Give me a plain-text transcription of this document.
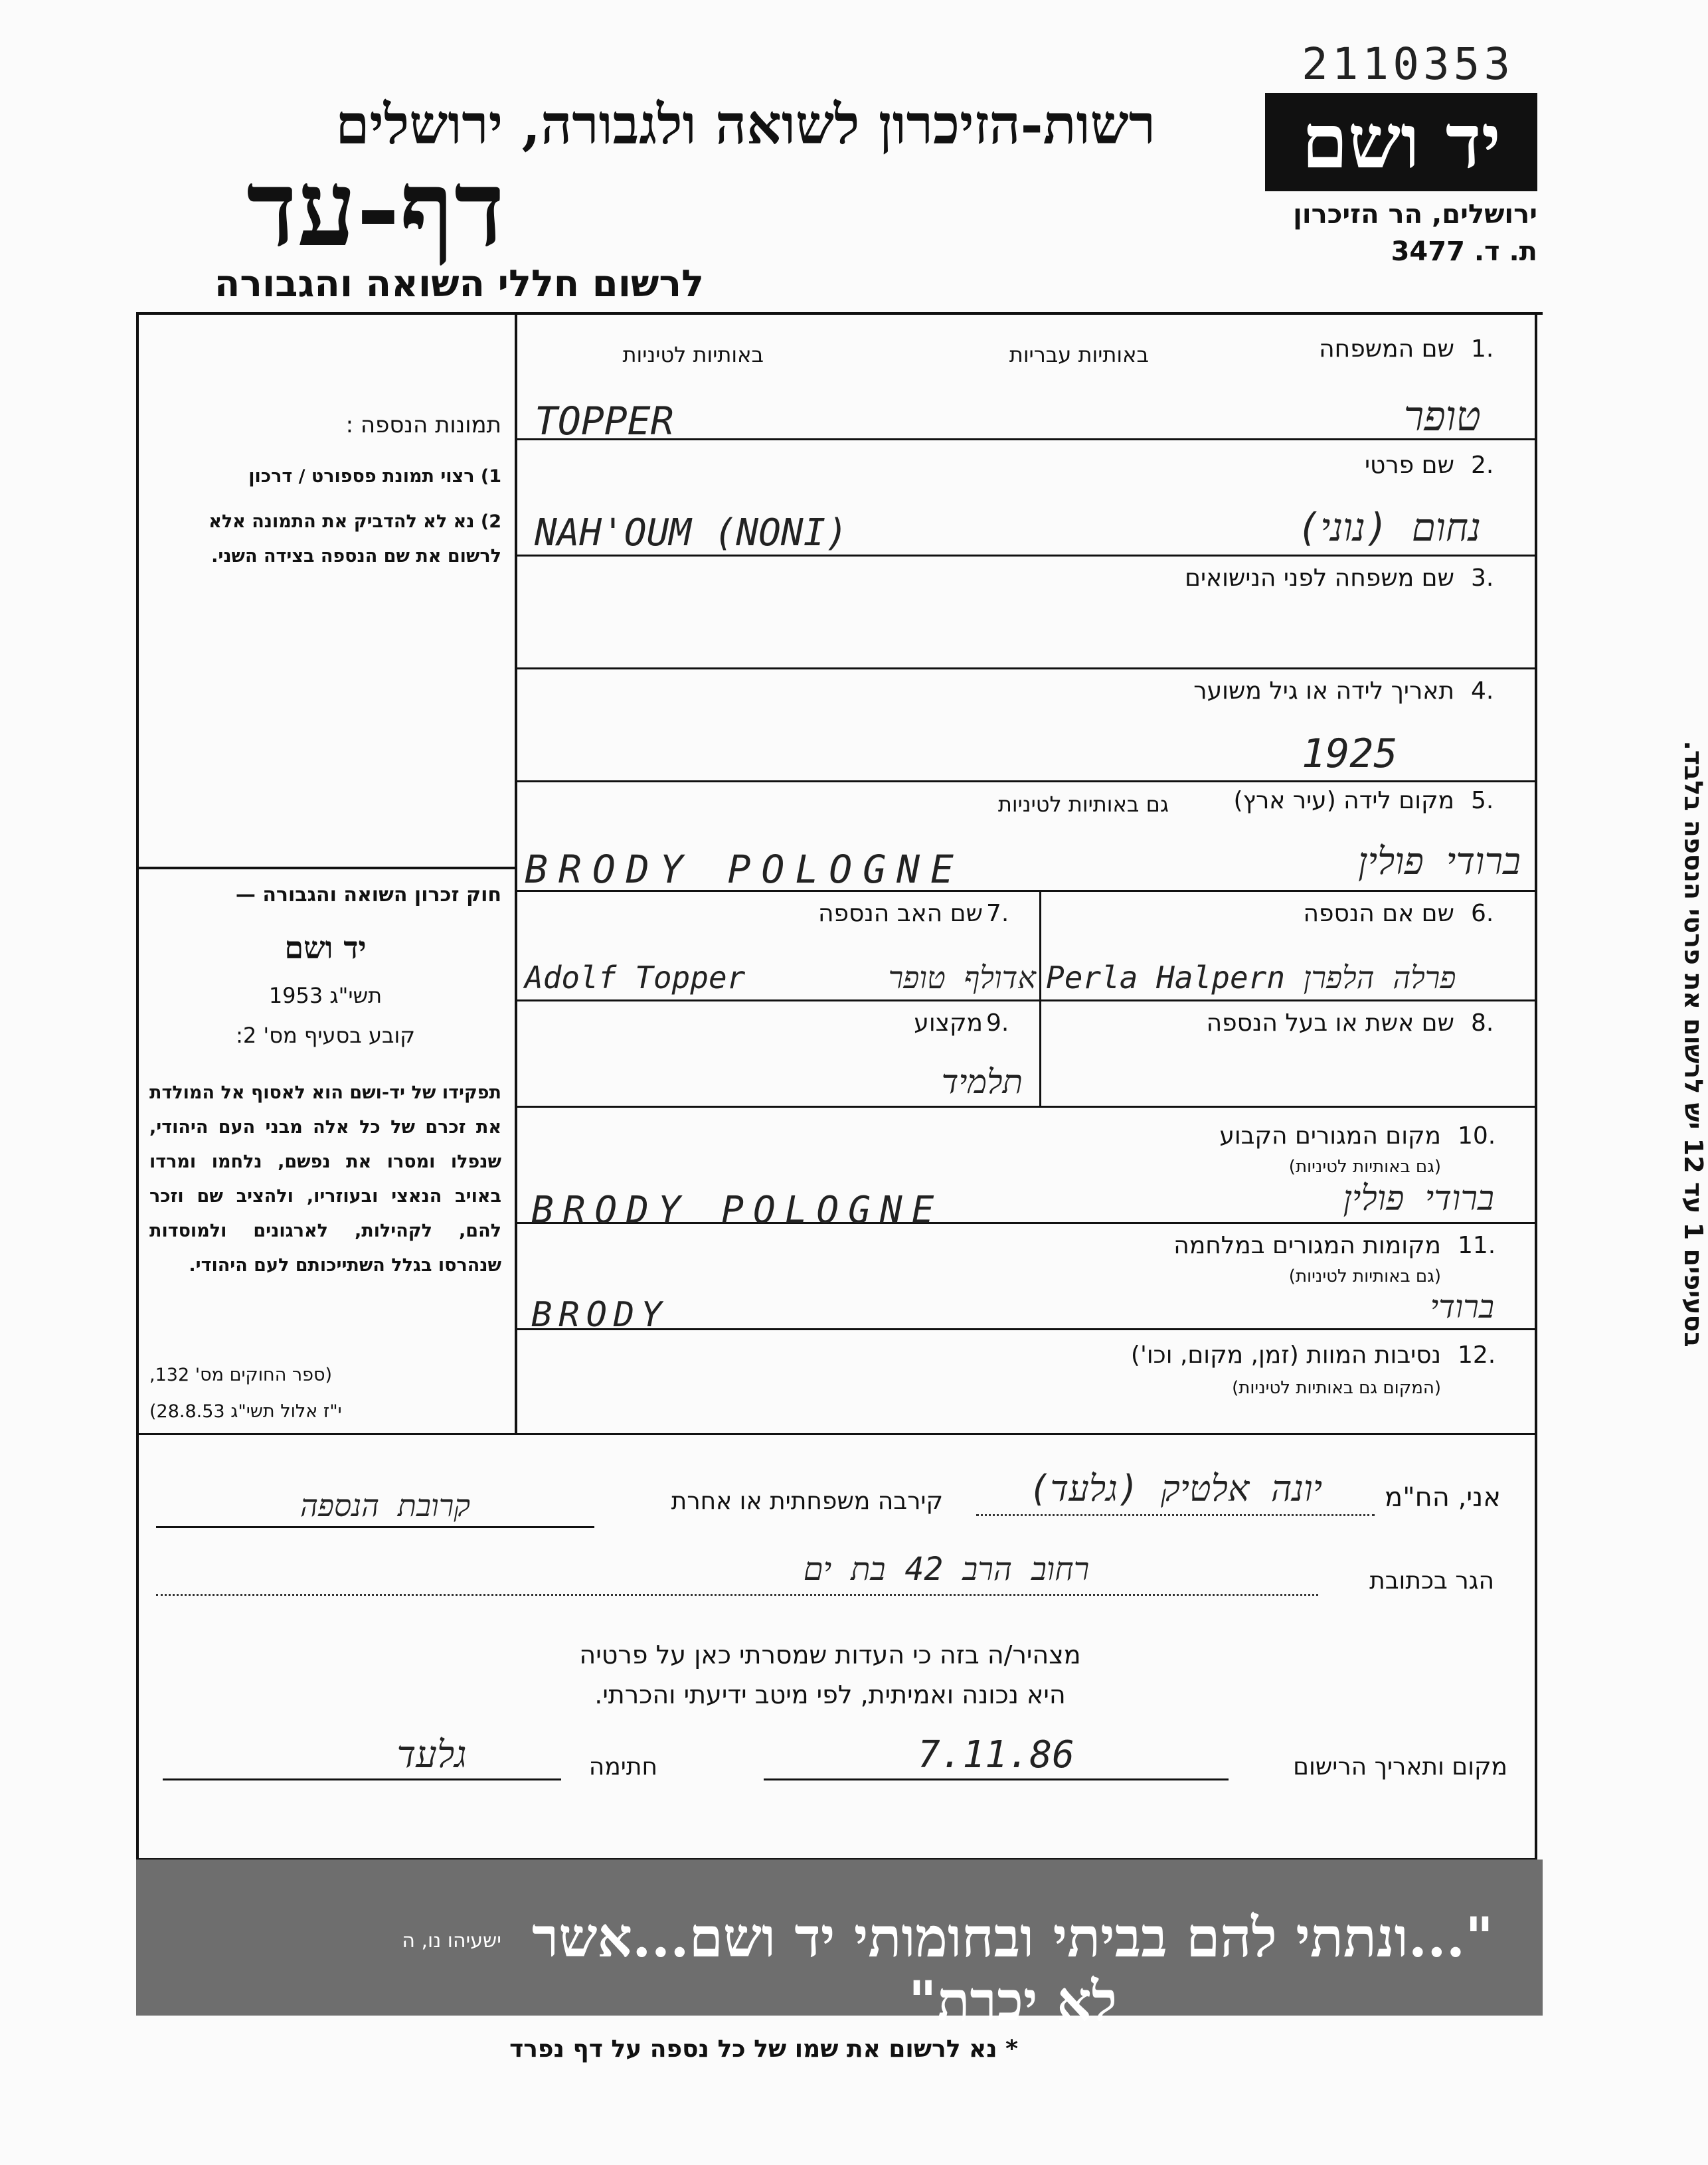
2110353
רשות-הזיכרון לשואה ולגבורה, ירושלים
דף-עד
לרשום חללי השואה והגבורה
יד ושם
ירושלים, הר הזיכרון
ת. ד. 3477
1.
שם המשפחה
באותיות עבריות
באותיות לטיניות
TOPPER	טופר
2.
שם פרטי
NAH'OUM (NONI)	נחום (נוני)
3.
שם משפחה לפני הנישואים
4.
תאריך לידה או גיל משוער
1925
5.
מקום לידה (עיר ארץ)
גם באותיות לטיניות
BRODY POLOGNE	ברודי פולין
6.
שם אם הנספה
Perla Halpern פרלה הלפרן
7.
שם האב הנספה
Adolf Topper	אדולף טופר
8.
שם אשת או בעל הנספה
9.
מקצוע
תלמיד
10.
מקום המגורים הקבוע
(גם באותיות לטיניות)
BRODY POLOGNE	ברודי פולין
11.
מקומות המגורים במלחמה
(גם באותיות לטיניות)
BRODY	ברודי
12.
נסיבות המוות (זמן, מקום, וכו')
(המקום גם באותיות לטיניות)
תמונות הנספה :
1) רצוי תמונת פספורט / דרכון
2) נא לא להדביק את התמונה אלא לרשום את שם הנספה בצידה השני.
חוק זכרון השואה והגבורה —
יד ושם
תשי"ג 1953
קובע בסעיף מס' 2:
תפקידו של יד-ושם הוא לאסוף אל המולדת את זכרם של כל אלה מבני העם היהודי, שנפלו ומסרו את נפשם, נלחמו ומרדו באויב הנאצי ובעוזריו, ולהציב שם וזכר להם, לקהילות, לארגונים ולמוסדות שנהרסו בגלל השתייכותם לעם היהודי.
(ספר החוקים מס' 132,
י"ז אלול תשי"ג 28.8.53)
בסעיפים 1 עד 12 יש לרשום את פרטי הנספה בלבד.
אני, הח"מ
יונה אלטיק (גלעד)
קירבה משפחתית או אחרת
קרובת הנספה
הגר בכתובת
רחוב הרב 42 בת ים
מצהיר/ה בזה כי העדות שמסרתי כאן על פרטיה
היא נכונה ואמיתית, לפי מיטב ידיעתי והכרתי.
מקום ותאריך הרישום
7.11.86
חתימה
גלעד
"...ונתתי להם בביתי ובחומותי יד ושם...אשר לא יכרת"
ישעיהו נו, ה
* נא לרשום את שמו של כל נספה על דף נפרד
